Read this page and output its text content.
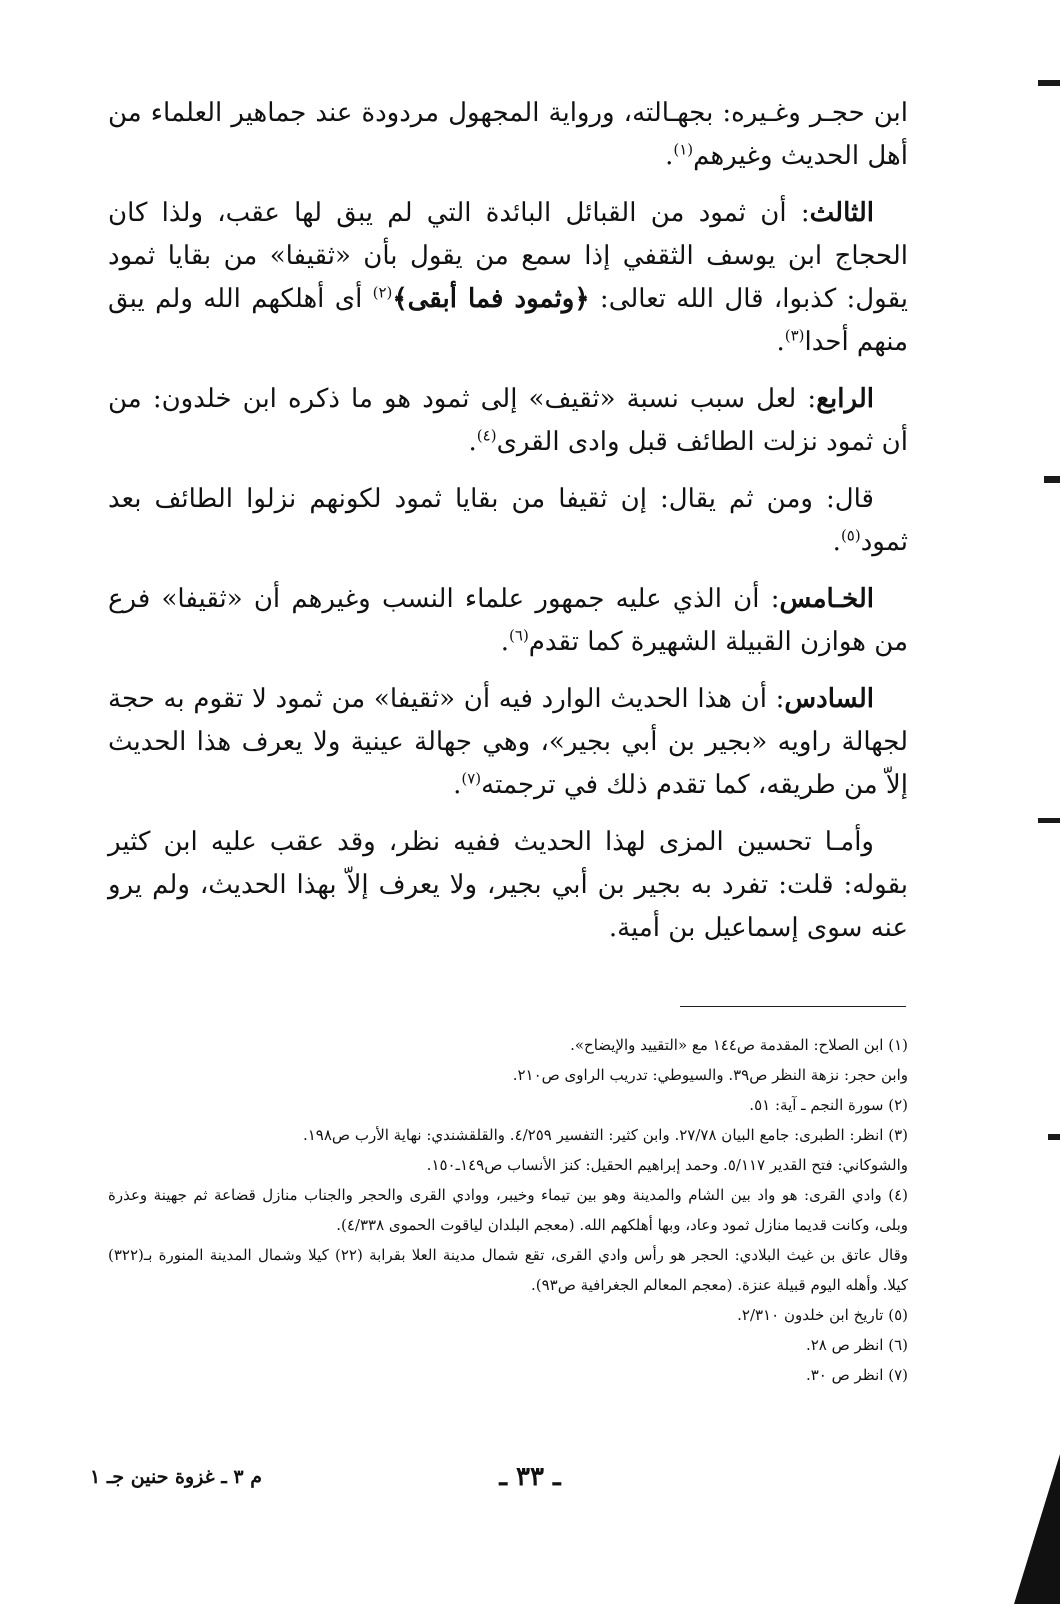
ابن حجـر وغـيره: بجهـالته، ورواية المجهول مردودة عند جماهير العلماء من أهل الحديث وغيرهم$^{(١)}$.

الثالث: أن ثمود من القبائل البائدة التي لم يبق لها عقب، ولذا كان الحجاج ابن يوسف الثقفي إذا سمع من يقول بأن «ثقيفا» من بقايا ثمود يقول: كذبوا، قال الله تعالى: ﴿وثمود فما أبقى﴾$^{(٢)}$ أى أهلكهم الله ولم يبق منهم أحدا$^{(٣)}$.

الرابع: لعل سبب نسبة «ثقيف» إلى ثمود هو ما ذكره ابن خلدون: من أن ثمود نزلت الطائف قبل وادى القرى$^{(٤)}$.

قال: ومن ثم يقال: إن ثقيفا من بقايا ثمود لكونهم نزلوا الطائف بعد ثمود$^{(٥)}$.

الخـامس: أن الذي عليه جمهور علماء النسب وغيرهم أن «ثقيفا» فرع من هوازن القبيلة الشهيرة كما تقدم$^{(٦)}$.

السادس: أن هذا الحديث الوارد فيه أن «ثقيفا» من ثمود لا تقوم به حجة لجهالة راويه «بجير بن أبي بجير»، وهي جهالة عينية ولا يعرف هذا الحديث إلاّ من طريقه، كما تقدم ذلك في ترجمته$^{(٧)}$.

وأمـا تحسين المزى لهذا الحديث ففيه نظر، وقد عقب عليه ابن كثير بقوله: قلت: تفرد به بجير بن أبي بجير، ولا يعرف إلاّ بهذا الحديث، ولم يرو عنه سوى إسماعيل بن أمية.

(١) ابن الصلاح: المقدمة ص١٤٤ مع «التقييد والإيضاح».

وابن حجر: نزهة النظر ص٣٩. والسيوطي: تدريب الراوى ص٢١٠.

(٢) سورة النجم ـ آية: ٥١.

(٣) انظر: الطبرى: جامع البيان ٢٧/٧٨. وابن كثير: التفسير ٤/٢٥٩. والقلقشندي: نهاية الأرب ص١٩٨.

والشوكاني: فتح القدير ٥/١١٧. وحمد إبراهيم الحقيل: كنز الأنساب ص١٤٩ـ١٥٠.

(٤) وادي القرى: هو واد بين الشام والمدينة وهو بين تيماء وخيبر، ووادي القرى والحجر والجناب منازل قضاعة ثم جهينة وعذرة وبلى، وكانت قديما منازل ثمود وعاد، وبها أهلكهم الله. (معجم البلدان لياقوت الحموى ٤/٣٣٨).

وقال عاتق بن غيث البلادي: الحجر هو رأس وادي القرى، تقع شمال مدينة العلا بقرابة (٢٢) كيلا وشمال المدينة المنورة بـ(٣٢٢) كيلا. وأهله اليوم قبيلة عنزة. (معجم المعالم الجغرافية ص٩٣).

(٥) تاريخ ابن خلدون ٢/٣١٠.

(٦) انظر ص ٢٨.

(٧) انظر ص ٣٠.

ـ ٣٣ ـ
م ٣ ـ غزوة حنين جـ ١
